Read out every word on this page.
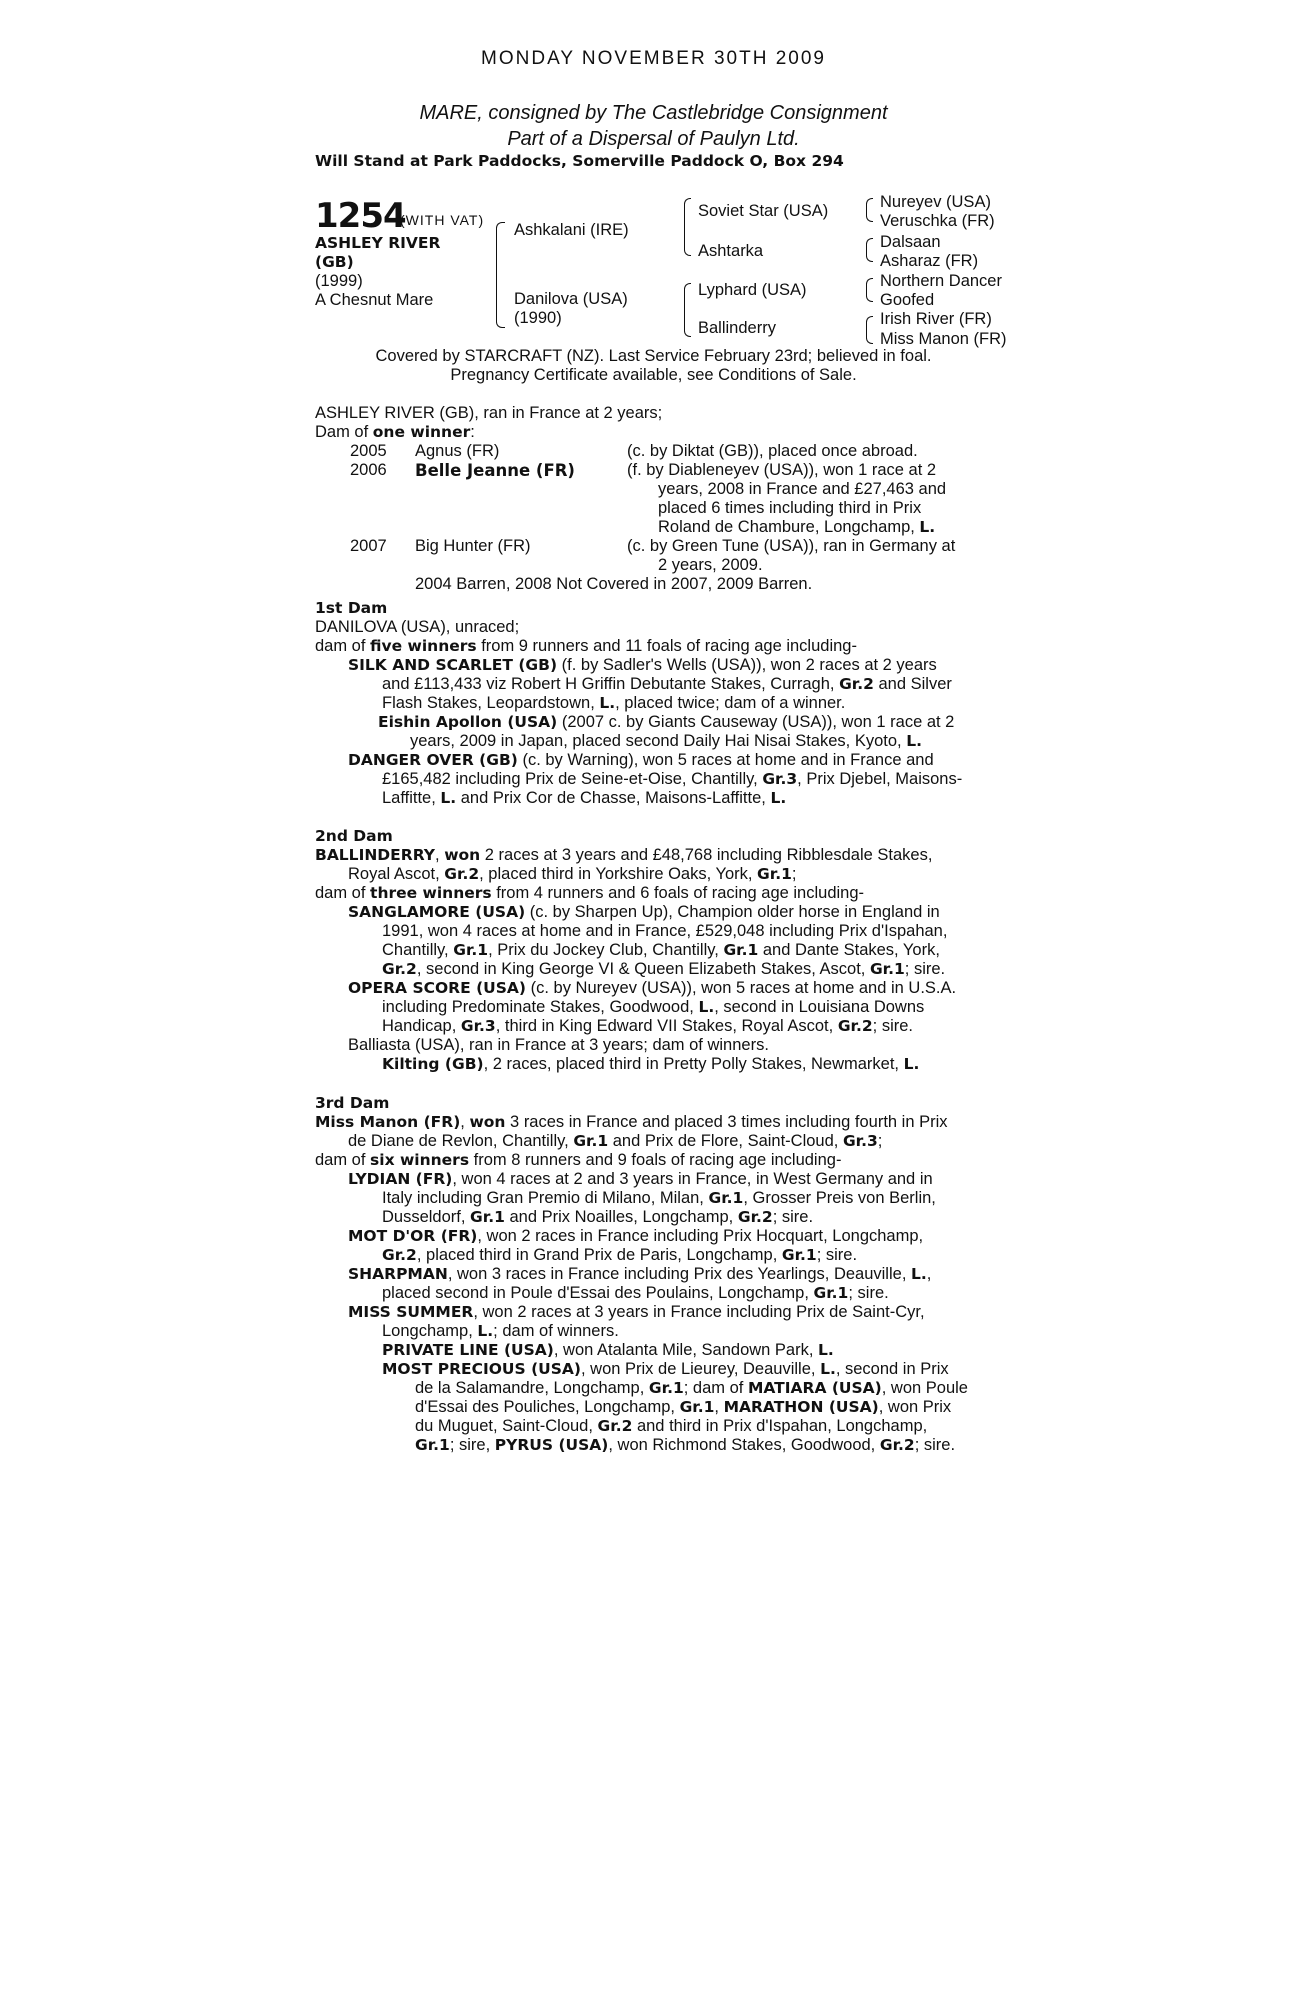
MONDAY NOVEMBER 30TH 2009
MARE, consigned by The Castlebridge Consignment
Part of a Dispersal of Paulyn Ltd.
Will Stand at Park Paddocks, Somerville Paddock O, Box 294
1254
(WITH VAT)
ASHLEY RIVER
(GB)
(1999)
A Chesnut Mare
Ashkalani (IRE)
Danilova (USA)
(1990)
Soviet Star (USA)
Ashtarka
Lyphard (USA)
Ballinderry
Nureyev (USA)
Veruschka (FR)
Dalsaan
Asharaz (FR)
Northern Dancer
Goofed
Irish River (FR)
Miss Manon (FR)
Covered by STARCRAFT (NZ). Last Service February 23rd; believed in foal.
Pregnancy Certificate available, see Conditions of Sale.
ASHLEY RIVER (GB), ran in France at 2 years;
Dam of one winner:
2005 Agnus (FR)	(c. by Diktat (GB)), placed once abroad.
2006 Belle Jeanne (FR)	(f. by Diableneyev (USA)), won 1 race at 2
years, 2008 in France and £27,463 and
placed 6 times including third in Prix
Roland de Chambure, Longchamp, L.
2007 Big Hunter (FR)	(c. by Green Tune (USA)), ran in Germany at
2 years, 2009.
2004 Barren, 2008 Not Covered in 2007, 2009 Barren.
1st Dam
DANILOVA (USA), unraced;
dam of five winners from 9 runners and 11 foals of racing age including-
SILK AND SCARLET (GB) (f. by Sadler's Wells (USA)), won 2 races at 2 years
and £113,433 viz Robert H Griffin Debutante Stakes, Curragh, Gr.2 and Silver
Flash Stakes, Leopardstown, L., placed twice; dam of a winner.
Eishin Apollon (USA) (2007 c. by Giants Causeway (USA)), won 1 race at 2
years, 2009 in Japan, placed second Daily Hai Nisai Stakes, Kyoto, L.
DANGER OVER (GB) (c. by Warning), won 5 races at home and in France and
£165,482 including Prix de Seine-et-Oise, Chantilly, Gr.3, Prix Djebel, Maisons-
Laffitte, L. and Prix Cor de Chasse, Maisons-Laffitte, L.
2nd Dam
BALLINDERRY, won 2 races at 3 years and £48,768 including Ribblesdale Stakes,
Royal Ascot, Gr.2, placed third in Yorkshire Oaks, York, Gr.1;
dam of three winners from 4 runners and 6 foals of racing age including-
SANGLAMORE (USA) (c. by Sharpen Up), Champion older horse in England in
1991, won 4 races at home and in France, £529,048 including Prix d'Ispahan,
Chantilly, Gr.1, Prix du Jockey Club, Chantilly, Gr.1 and Dante Stakes, York,
Gr.2, second in King George VI & Queen Elizabeth Stakes, Ascot, Gr.1; sire.
OPERA SCORE (USA) (c. by Nureyev (USA)), won 5 races at home and in U.S.A.
including Predominate Stakes, Goodwood, L., second in Louisiana Downs
Handicap, Gr.3, third in King Edward VII Stakes, Royal Ascot, Gr.2; sire.
Balliasta (USA), ran in France at 3 years; dam of winners.
Kilting (GB), 2 races, placed third in Pretty Polly Stakes, Newmarket, L.
3rd Dam
Miss Manon (FR), won 3 races in France and placed 3 times including fourth in Prix
de Diane de Revlon, Chantilly, Gr.1 and Prix de Flore, Saint-Cloud, Gr.3;
dam of six winners from 8 runners and 9 foals of racing age including-
LYDIAN (FR), won 4 races at 2 and 3 years in France, in West Germany and in
Italy including Gran Premio di Milano, Milan, Gr.1, Grosser Preis von Berlin,
Dusseldorf, Gr.1 and Prix Noailles, Longchamp, Gr.2; sire.
MOT D'OR (FR), won 2 races in France including Prix Hocquart, Longchamp,
Gr.2, placed third in Grand Prix de Paris, Longchamp, Gr.1; sire.
SHARPMAN, won 3 races in France including Prix des Yearlings, Deauville, L.,
placed second in Poule d'Essai des Poulains, Longchamp, Gr.1; sire.
MISS SUMMER, won 2 races at 3 years in France including Prix de Saint-Cyr,
Longchamp, L.; dam of winners.
PRIVATE LINE (USA), won Atalanta Mile, Sandown Park, L.
MOST PRECIOUS (USA), won Prix de Lieurey, Deauville, L., second in Prix
de la Salamandre, Longchamp, Gr.1; dam of MATIARA (USA), won Poule
d'Essai des Pouliches, Longchamp, Gr.1, MARATHON (USA), won Prix
du Muguet, Saint-Cloud, Gr.2 and third in Prix d'Ispahan, Longchamp,
Gr.1; sire, PYRUS (USA), won Richmond Stakes, Goodwood, Gr.2; sire.
